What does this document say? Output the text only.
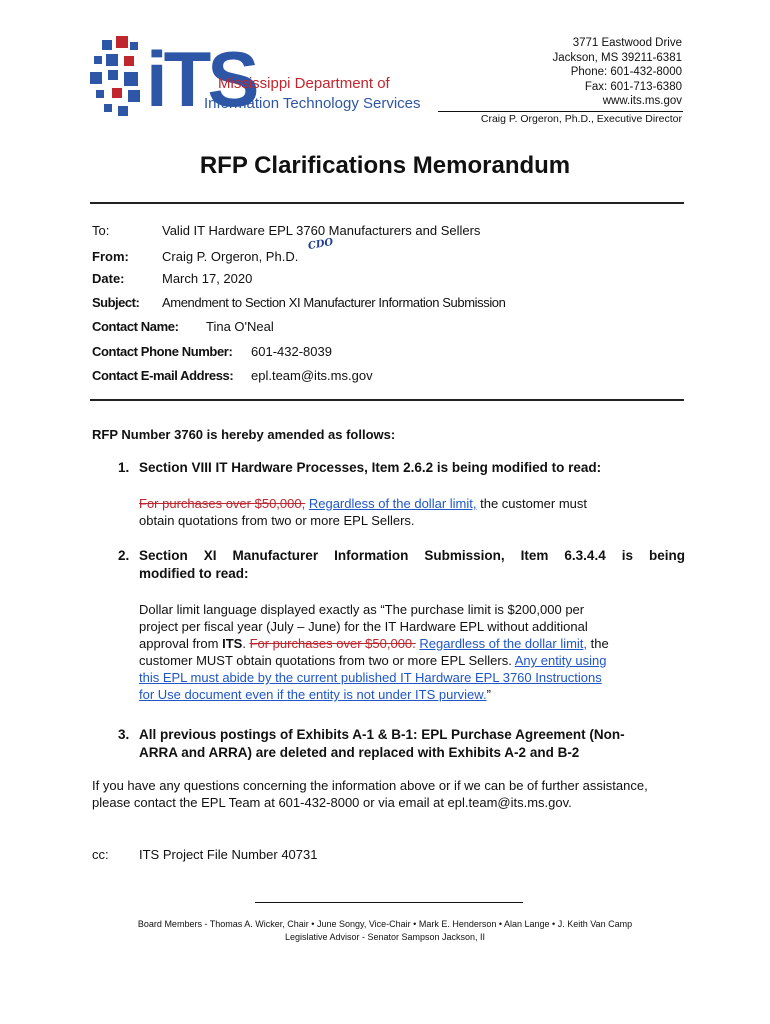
iTS
Mississippi Department of
Information Technology Services
3771 Eastwood Drive
Jackson, MS 39211-6381
Phone: 601-432-8000
Fax: 601-713-6380
www.its.ms.gov
Craig P. Orgeron, Ph.D., Executive Director
RFP Clarifications Memorandum
To:	Valid IT Hardware EPL 3760 Manufacturers and Sellers
From:	Craig P. Orgeron, Ph.D.
CDO
Date:	March 17, 2020
Subject: Amendment to Section XI Manufacturer Information Submission
Contact Name: Tina O'Neal
Contact Phone Number: 601-432-8039
Contact E-mail Address: epl.team@its.ms.gov
RFP Number 3760 is hereby amended as follows:
1. Section VIII IT Hardware Processes, Item 2.6.2 is being modified to read:
For purchases over $50,000, Regardless of the dollar limit, the customer must
obtain quotations from two or more EPL Sellers.
2. Section XI Manufacturer Information Submission, Item 6.3.4.4 is being
modified to read:
Dollar limit language displayed exactly as “The purchase limit is $200,000 per
project per fiscal year (July – June) for the IT Hardware EPL without additional
approval from ITS. For purchases over $50,000. Regardless of the dollar limit, the
customer MUST obtain quotations from two or more EPL Sellers. Any entity using
this EPL must abide by the current published IT Hardware EPL 3760 Instructions
for Use document even if the entity is not under ITS purview.”
3. All previous postings of Exhibits A-1 & B-1: EPL Purchase Agreement (Non-
ARRA and ARRA) are deleted and replaced with Exhibits A-2 and B-2
If you have any questions concerning the information above or if we can be of further assistance,
please contact the EPL Team at 601-432-8000 or via email at epl.team@its.ms.gov.
cc: ITS Project File Number 40731
Board Members - Thomas A. Wicker, Chair • June Songy, Vice-Chair • Mark E. Henderson • Alan Lange • J. Keith Van Camp
Legislative Advisor - Senator Sampson Jackson, II
